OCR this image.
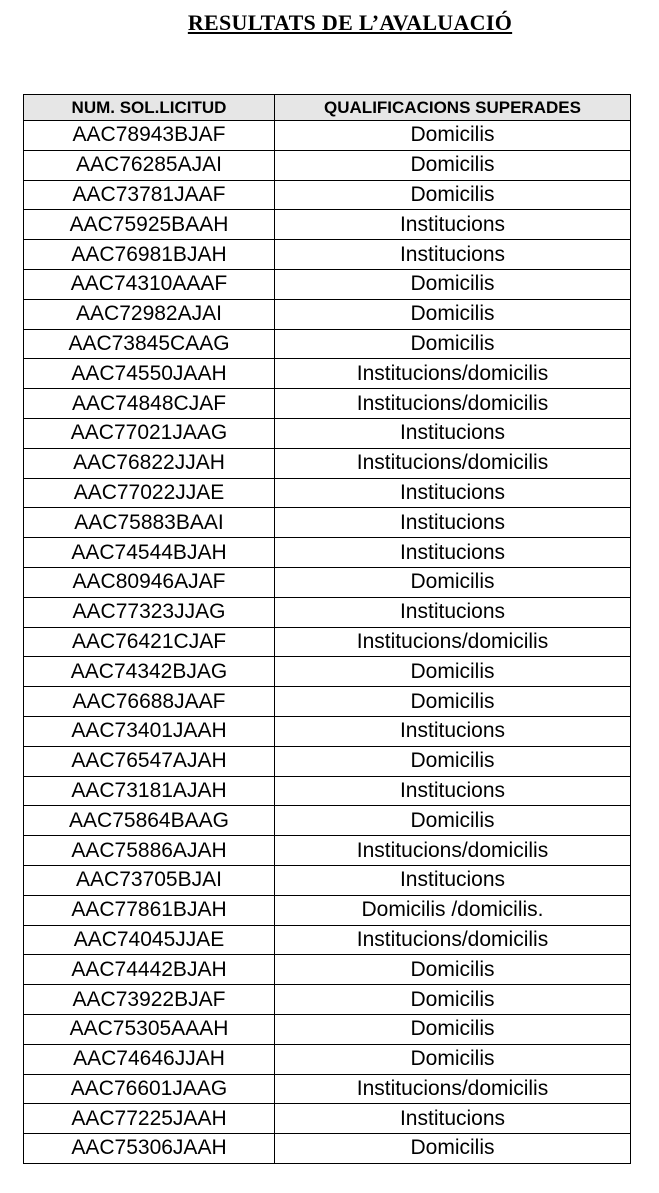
RESULTATS DE L’AVALUACIÓ
NUM. SOL.LICITUD	QUALIFICACIONS SUPERADES
AAC78943BJAF	Domicilis
AAC76285AJAI	Domicilis
AAC73781JAAF	Domicilis
AAC75925BAAH	Institucions
AAC76981BJAH	Institucions
AAC74310AAAF	Domicilis
AAC72982AJAI	Domicilis
AAC73845CAAG	Domicilis
AAC74550JAAH	Institucions/domicilis
AAC74848CJAF	Institucions/domicilis
AAC77021JAAG	Institucions
AAC76822JJAH	Institucions/domicilis
AAC77022JJAE	Institucions
AAC75883BAAI	Institucions
AAC74544BJAH	Institucions
AAC80946AJAF	Domicilis
AAC77323JJAG	Institucions
AAC76421CJAF	Institucions/domicilis
AAC74342BJAG	Domicilis
AAC76688JAAF	Domicilis
AAC73401JAAH	Institucions
AAC76547AJAH	Domicilis
AAC73181AJAH	Institucions
AAC75864BAAG	Domicilis
AAC75886AJAH	Institucions/domicilis
AAC73705BJAI	Institucions
AAC77861BJAH	Domicilis /domicilis.
AAC74045JJAE	Institucions/domicilis
AAC74442BJAH	Domicilis
AAC73922BJAF	Domicilis
AAC75305AAAH	Domicilis
AAC74646JJAH	Domicilis
AAC76601JAAG	Institucions/domicilis
AAC77225JAAH	Institucions
AAC75306JAAH	Domicilis
